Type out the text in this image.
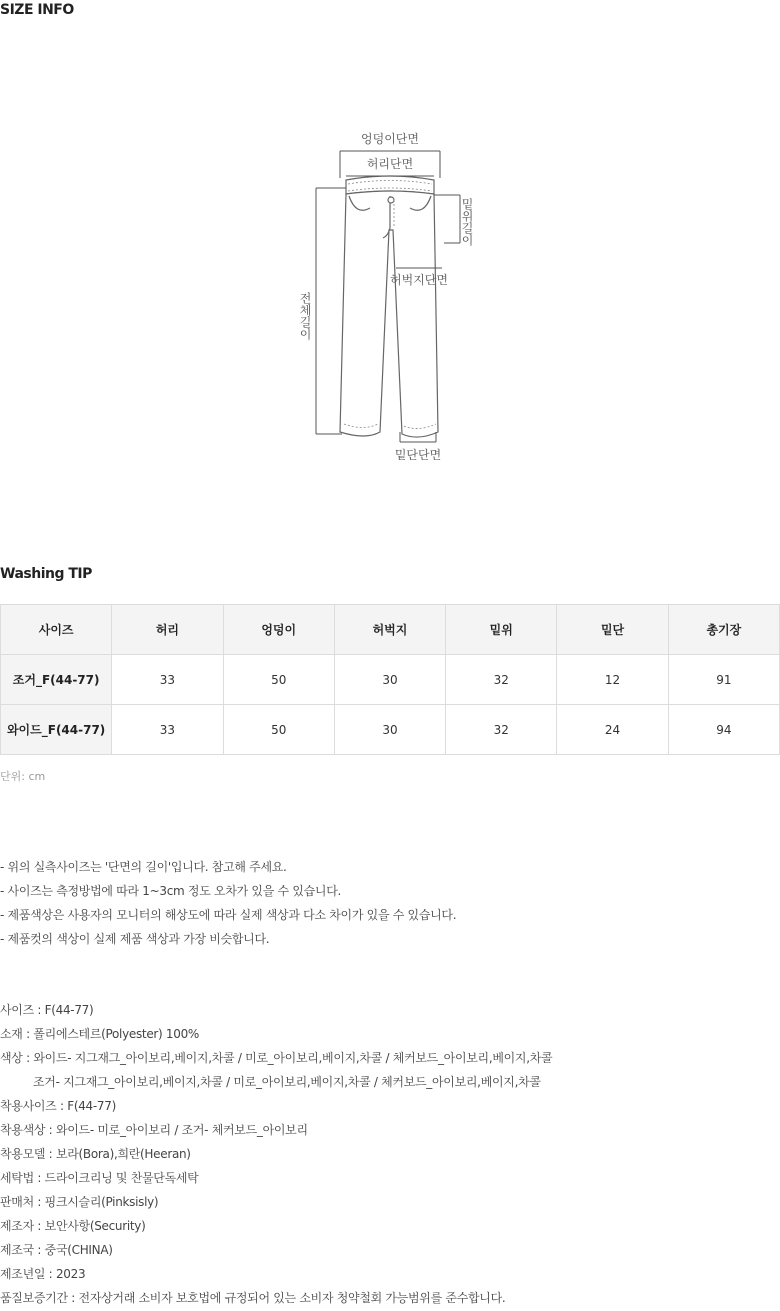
SIZE INFO
엉덩이단면
허리단면
허벅지단면
밑단단면
밑위길이
전체길이
Washing TIP
사이즈	허리	엉덩이	허벅지	밑위	밑단	총기장
조거_F(44-77)	33	50	30	32	12	91
와이드_F(44-77)	33	50	30	32	24	94
단위: cm
- 위의 실측사이즈는 '단면의 길이'입니다. 참고해 주세요.
- 사이즈는 측정방법에 따라 1~3cm 정도 오차가 있을 수 있습니다.
- 제품색상은 사용자의 모니터의 해상도에 따라 실제 색상과 다소 차이가 있을 수 있습니다.
- 제품컷의 색상이 실제 제품 색상과 가장 비슷합니다.
사이즈 : F(44-77)
소재 : 폴리에스테르(Polyester) 100%
색상 : 와이드- 지그재그_아이보리,베이지,차콜 / 미로_아이보리,베이지,차콜 / 체커보드_아이보리,베이지,차콜
조거- 지그재그_아이보리,베이지,차콜 / 미로_아이보리,베이지,차콜 / 체커보드_아이보리,베이지,차콜
착용사이즈 : F(44-77)
착용색상 : 와이드- 미로_아이보리 / 조거- 체커보드_아이보리
착용모델 : 보라(Bora),희란(Heeran)
세탁법 : 드라이크리닝 및 찬물단독세탁
판매처 : 핑크시슬리(Pinksisly)
제조자 : 보안사항(Security)
제조국 : 중국(CHINA)
제조년일 : 2023
품질보증기간 : 전자상거래 소비자 보호법에 규정되어 있는 소비자 청약철회 가능범위를 준수합니다.
